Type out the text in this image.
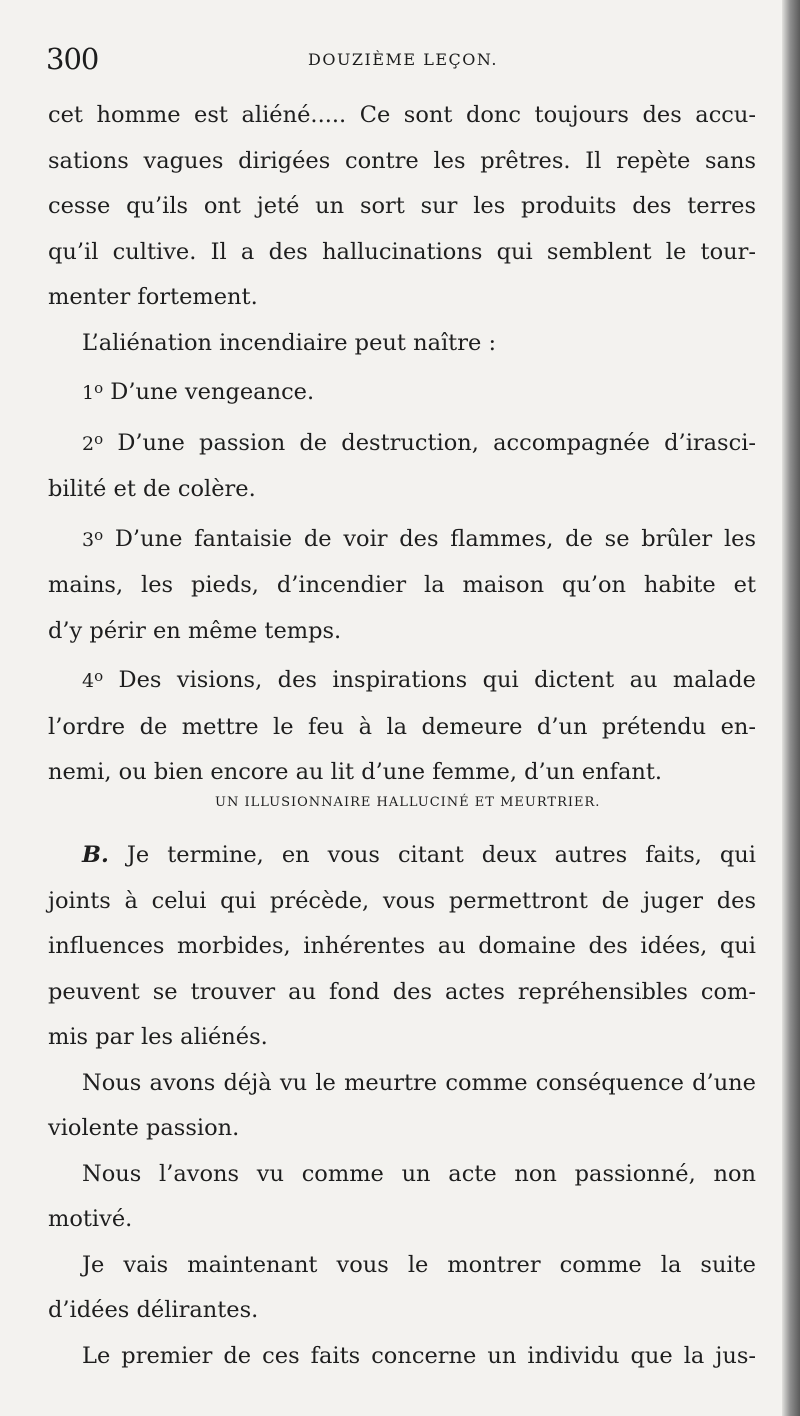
300	DOUZIÈME LEÇON.
cet homme est aliéné..... Ce sont donc toujours des accu-
sations vagues dirigées contre les prêtres. Il repète sans
cesse qu’ils ont jeté un sort sur les produits des terres
qu’il cultive. Il a des hallucinations qui semblent le tour-
menter fortement.
L’aliénation incendiaire peut naître :
1$^o$ D’une vengeance.
2$^o$ D’une passion de destruction, accompagnée d’irasci-
bilité et de colère.
3$^o$ D’une fantaisie de voir des flammes, de se brûler les
mains, les pieds, d’incendier la maison qu’on habite et
d’y périr en même temps.
4$^o$ Des visions, des inspirations qui dictent au malade
l’ordre de mettre le feu à la demeure d’un prétendu en-
nemi, ou bien encore au lit d’une femme, d’un enfant.
UN ILLUSIONNAIRE HALLUCINÉ ET MEURTRIER.
B. Je termine, en vous citant deux autres faits, qui
joints à celui qui précède, vous permettront de juger des
influences morbides, inhérentes au domaine des idées, qui
peuvent se trouver au fond des actes repréhensibles com-
mis par les aliénés.
Nous avons déjà vu le meurtre comme conséquence d’une
violente passion.
Nous l’avons vu comme un acte non passionné, non
motivé.
Je vais maintenant vous le montrer comme la suite
d’idées délirantes.
Le premier de ces faits concerne un individu que la jus-
